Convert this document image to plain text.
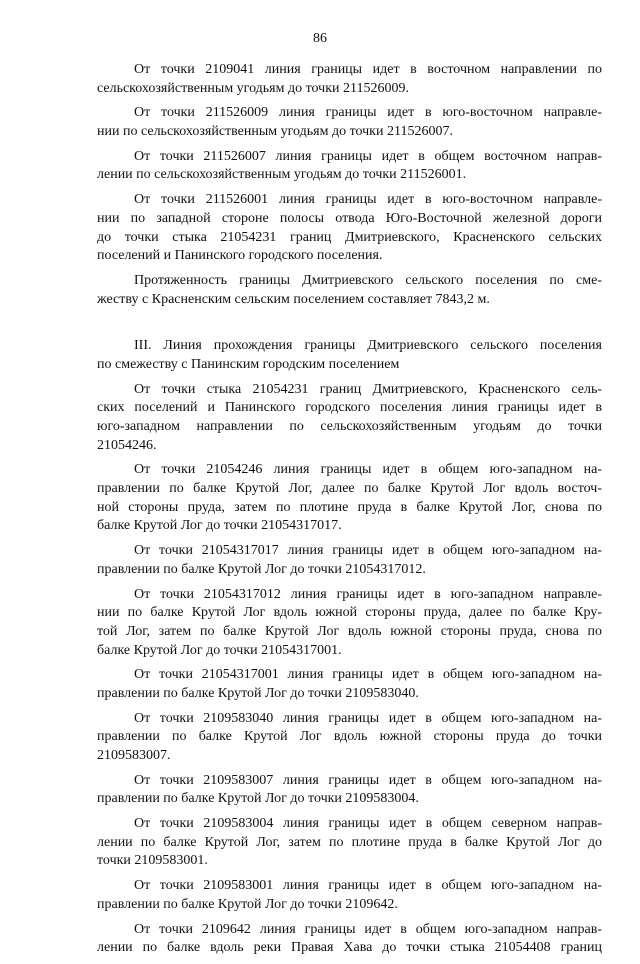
86
От точки 2109041 линия границы идет в восточном направлении по
сельскохозяйственным угодьям до точки 211526009.
От точки 211526009 линия границы идет в юго-восточном направле-
нии по сельскохозяйственным угодьям до точки 211526007.
От точки 211526007 линия границы идет в общем восточном направ-
лении по сельскохозяйственным угодьям до точки 211526001.
От точки 211526001 линия границы идет в юго-восточном направле-
нии по западной стороне полосы отвода Юго-Восточной железной дороги
до точки стыка 21054231 границ Дмитриевского, Красненского сельских
поселений и Панинского городского поселения.
Протяженность границы Дмитриевского сельского поселения по сме-
жеству с Красненским сельским поселением составляет 7843,2 м.
III. Линия прохождения границы Дмитриевского сельского поселения
по смежеству с Панинским городским поселением
От точки стыка 21054231 границ Дмитриевского, Красненского сель-
ских поселений и Панинского городского поселения линия границы идет в
юго-западном направлении по сельскохозяйственным угодьям до точки
21054246.
От точки 21054246 линия границы идет в общем юго-западном на-
правлении по балке Крутой Лог, далее по балке Крутой Лог вдоль восточ-
ной стороны пруда, затем по плотине пруда в балке Крутой Лог, снова по
балке Крутой Лог до точки 21054317017.
От точки 21054317017 линия границы идет в общем юго-западном на-
правлении по балке Крутой Лог до точки 21054317012.
От точки 21054317012 линия границы идет в юго-западном направле-
нии по балке Крутой Лог вдоль южной стороны пруда, далее по балке Кру-
той Лог, затем по балке Крутой Лог вдоль южной стороны пруда, снова по
балке Крутой Лог до точки 21054317001.
От точки 21054317001 линия границы идет в общем юго-западном на-
правлении по балке Крутой Лог до точки 2109583040.
От точки 2109583040 линия границы идет в общем юго-западном на-
правлении по балке Крутой Лог вдоль южной стороны пруда до точки
2109583007.
От точки 2109583007 линия границы идет в общем юго-западном на-
правлении по балке Крутой Лог до точки 2109583004.
От точки 2109583004 линия границы идет в общем северном направ-
лении по балке Крутой Лог, затем по плотине пруда в балке Крутой Лог до
точки 2109583001.
От точки 2109583001 линия границы идет в общем юго-западном на-
правлении по балке Крутой Лог до точки 2109642.
От точки 2109642 линия границы идет в общем юго-западном направ-
лении по балке вдоль реки Правая Хава до точки стыка 21054408 границ
